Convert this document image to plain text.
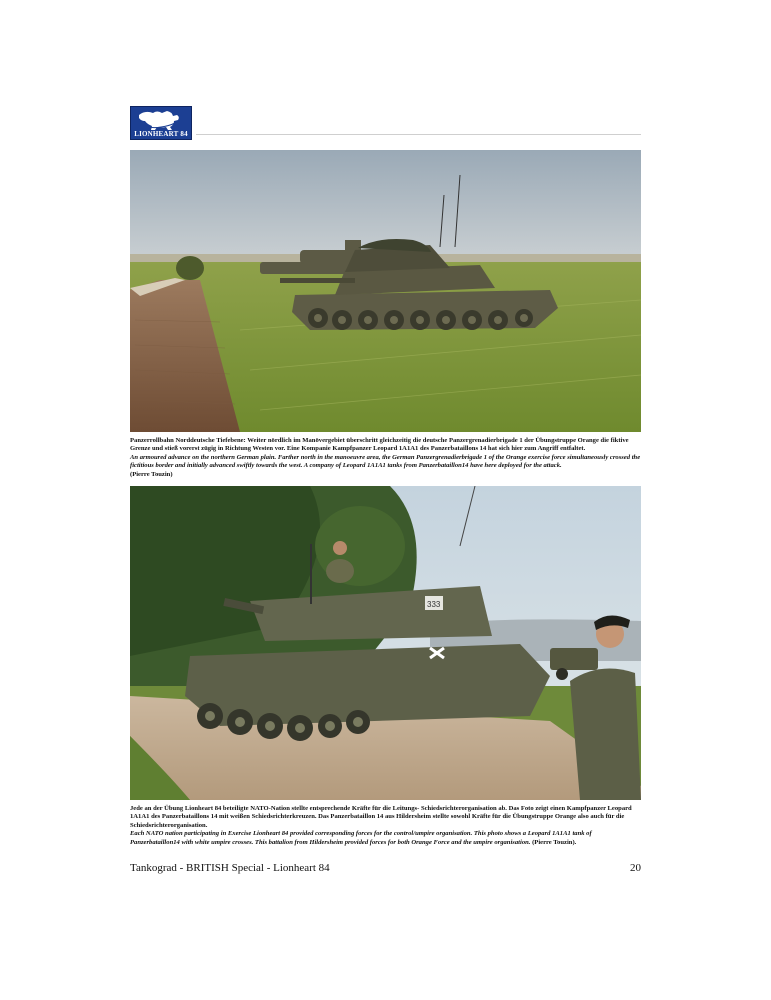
LIONHEART 84

Panzerrollbahn Norddeutsche Tiefebene: Weiter nördlich im Manövergebiet überschritt gleichzeitig die deutsche Panzergrenadierbrigade 1 der Übungstruppe Orange die fiktive Grenze und stieß vorerst zügig in Richtung Westen vor. Eine Kompanie Kampfpanzer Leopard 1A1A1 des Panzerbataillons 14 hat sich hier zum Angriff entfaltet.

An armoured advance on the northern German plain. Farther north in the manoeuvre area, the German Panzergrenadierbrigade 1 of the Orange exercise force simultaneously crossed the fictitious border and initially advanced swiftly towards the west. A company of Leopard 1A1A1 tanks from Panzerbataillon14 have here deployed for the attack.

(Pierre Touzin)

333

Jede an der Übung Lionheart 84 beteiligte NATO-Nation stellte entsprechende Kräfte für die Leitungs- Schiedsrichterorganisation ab. Das Foto zeigt einen Kampfpanzer Leopard 1A1A1 des Panzerbataillons 14 mit weißen Schiedsrichterkreuzen. Das Panzerbataillon 14 aus Hildersheim stellte sowohl Kräfte für die Übungstruppe Orange also auch für die Schiedsrichterorganisation.

Each NATO nation participating in Exercise Lionheart 84 provided corresponding forces for the control/umpire organisation. This photo shows a Leopard 1A1A1 tank of Panzerbataillon14 with white umpire crosses. This battalion from Hildersheim provided forces for both Orange Force and the umpire organisation. (Pierre Touzin).

Tankograd - BRITISH Special - Lionheart 84	20
